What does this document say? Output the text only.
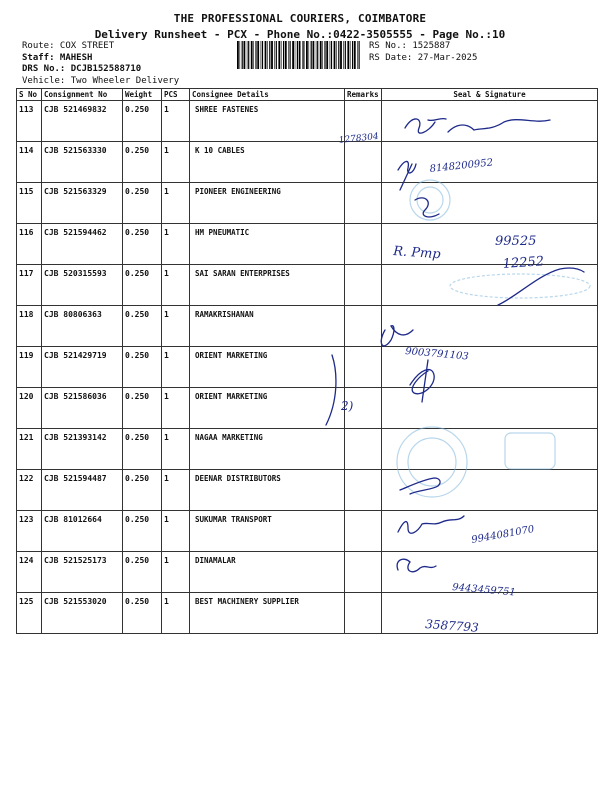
THE PROFESSIONAL COURIERS, COIMBATORE
Delivery Runsheet - PCX - Phone No.:0422-3505555 - Page No.:10
Route: COX STREET
Staff: MAHESH
DRS No.: DCJB152588710
Vehicle: Two Wheeler Delivery
RS No.: 1525887
RS Date: 27-Mar-2025
S No	Consignment No	Weight	PCS	Consignee Details	Remarks	Seal & Signature
113	CJB 521469832	0.250	1	SHREE FASTENES		
114	CJB 521563330	0.250	1	K 10 CABLES		
115	CJB 521563329	0.250	1	PIONEER ENGINEERING		
116	CJB 521594462	0.250	1	HM PNEUMATIC		
117	CJB 520315593	0.250	1	SAI SARAN ENTERPRISES		
118	CJB 80806363	0.250	1	RAMAKRISHANAN		
119	CJB 521429719	0.250	1	ORIENT MARKETING		
120	CJB 521586036	0.250	1	ORIENT MARKETING		
121	CJB 521393142	0.250	1	NAGAA MARKETING		
122	CJB 521594487	0.250	1	DEENAR DISTRIBUTORS		
123	CJB 81012664	0.250	1	SUKUMAR TRANSPORT		
124	CJB 521525173	0.250	1	DINAMALAR		
125	CJB 521553020	0.250	1	BEST MACHINERY SUPPLIER		
1278304
8148200952
R. Pmp
99525
12252
9003791103
2)
9944081070
9443459751
3587793
